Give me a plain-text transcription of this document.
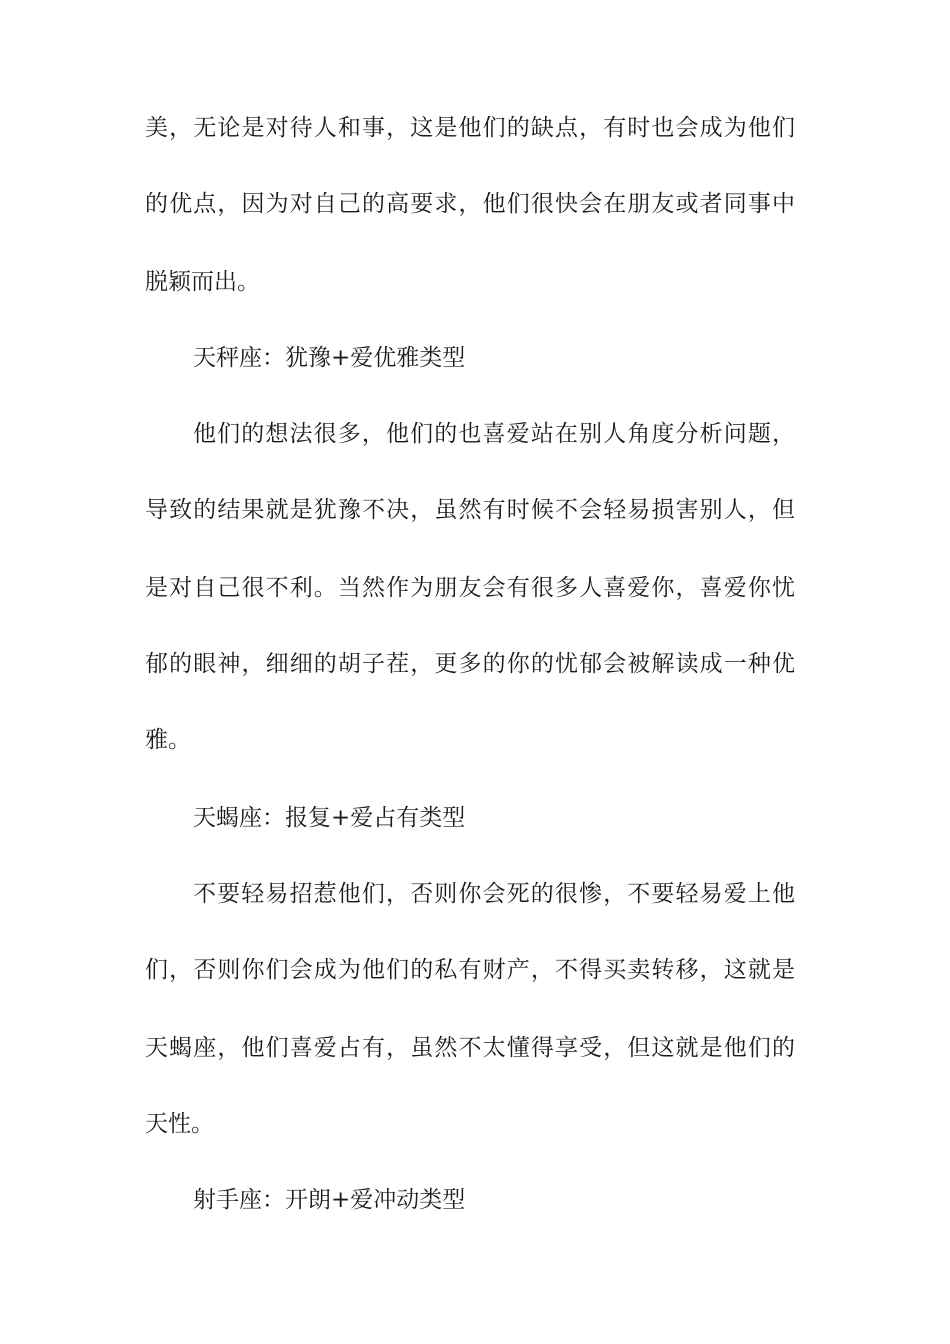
美，无论是对待人和事，这是他们的缺点，有时也会成为他们
的优点，因为对自己的高要求，他们很快会在朋友或者同事中
脱颖而出。
天秤座：犹豫+爱优雅类型
他们的想法很多，他们的也喜爱站在别人角度分析问题，
导致的结果就是犹豫不决，虽然有时候不会轻易损害别人，但
是对自己很不利。当然作为朋友会有很多人喜爱你，喜爱你忧
郁的眼神，细细的胡子茬，更多的你的忧郁会被解读成一种优
雅。
天蝎座：报复+爱占有类型
不要轻易招惹他们，否则你会死的很惨，不要轻易爱上他
们，否则你们会成为他们的私有财产，不得买卖转移，这就是
天蝎座，他们喜爱占有，虽然不太懂得享受，但这就是他们的
天性。
射手座：开朗+爱冲动类型
